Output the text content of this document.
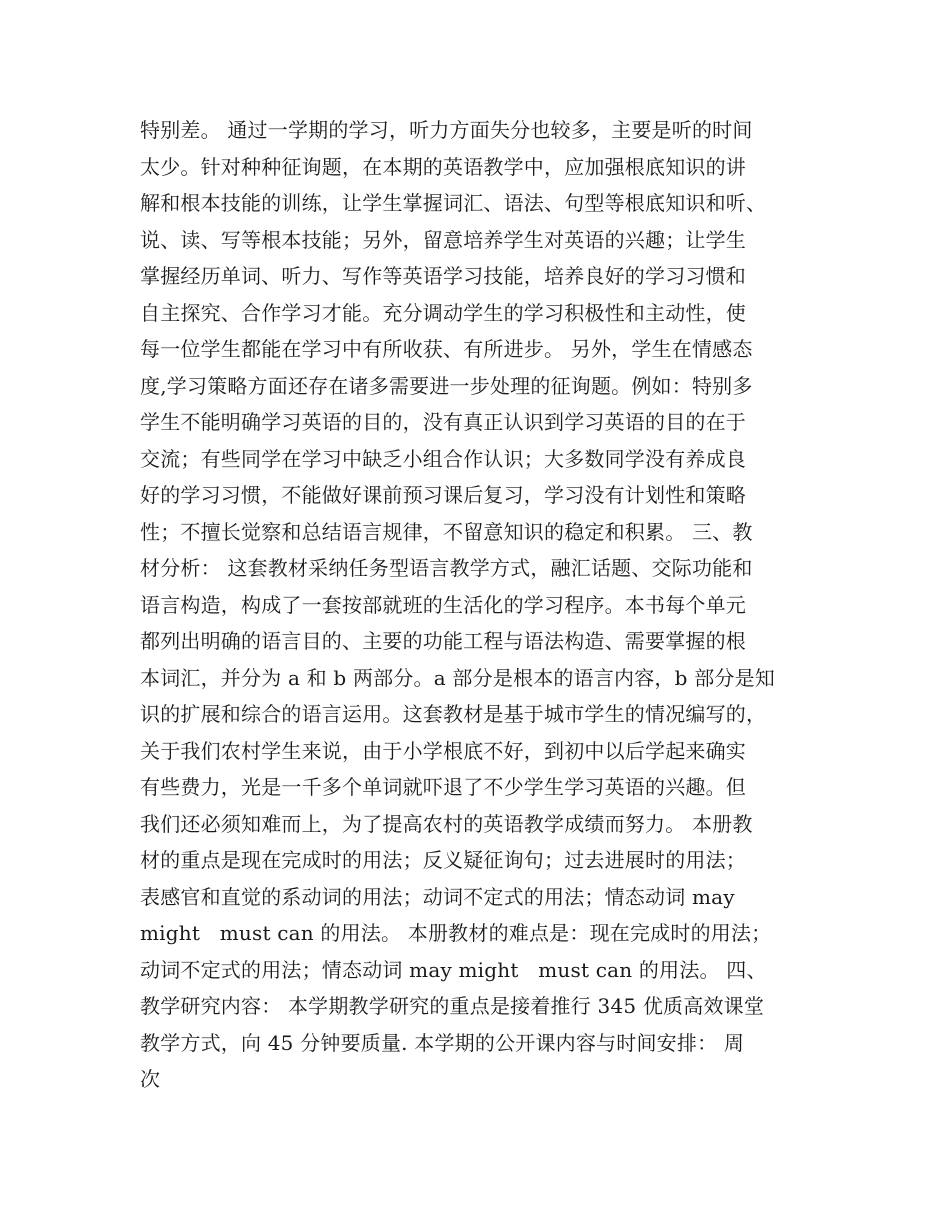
特别差。 通过一学期的学习，听力方面失分也较多，主要是听的时间
太少。针对种种征询题，在本期的英语教学中，应加强根底知识的讲
解和根本技能的训练，让学生掌握词汇、语法、句型等根底知识和听、
说、读、写等根本技能；另外，留意培养学生对英语的兴趣；让学生
掌握经历单词、听力、写作等英语学习技能，培养良好的学习习惯和
自主探究、合作学习才能。充分调动学生的学习积极性和主动性，使
每一位学生都能在学习中有所收获、有所进步。 另外，学生在情感态
度,学习策略方面还存在诸多需要进一步处理的征询题。例如：特别多
学生不能明确学习英语的目的，没有真正认识到学习英语的目的在于
交流；有些同学在学习中缺乏小组合作认识；大多数同学没有养成良
好的学习习惯，不能做好课前预习课后复习，学习没有计划性和策略
性；不擅长觉察和总结语言规律，不留意知识的稳定和积累。 三、教
材分析： 这套教材采纳任务型语言教学方式，融汇话题、交际功能和
语言构造，构成了一套按部就班的生活化的学习程序。本书每个单元
都列出明确的语言目的、主要的功能工程与语法构造、需要掌握的根
本词汇，并分为 a 和 b 两部分。a 部分是根本的语言内容，b 部分是知
识的扩展和综合的语言运用。这套教材是基于城市学生的情况编写的，
关于我们农村学生来说，由于小学根底不好，到初中以后学起来确实
有些费力，光是一千多个单词就吓退了不少学生学习英语的兴趣。但
我们还必须知难而上，为了提高农村的英语教学成绩而努力。 本册教
材的重点是现在完成时的用法；反义疑征询句；过去进展时的用法；
表感官和直觉的系动词的用法；动词不定式的用法；情态动词 may
might   must can 的用法。 本册教材的难点是：现在完成时的用法；
动词不定式的用法；情态动词 may might   must can 的用法。 四、
教学研究内容： 本学期教学研究的重点是接着推行 345 优质高效课堂
教学方式，向 45 分钟要质量. 本学期的公开课内容与时间安排： 周
次
